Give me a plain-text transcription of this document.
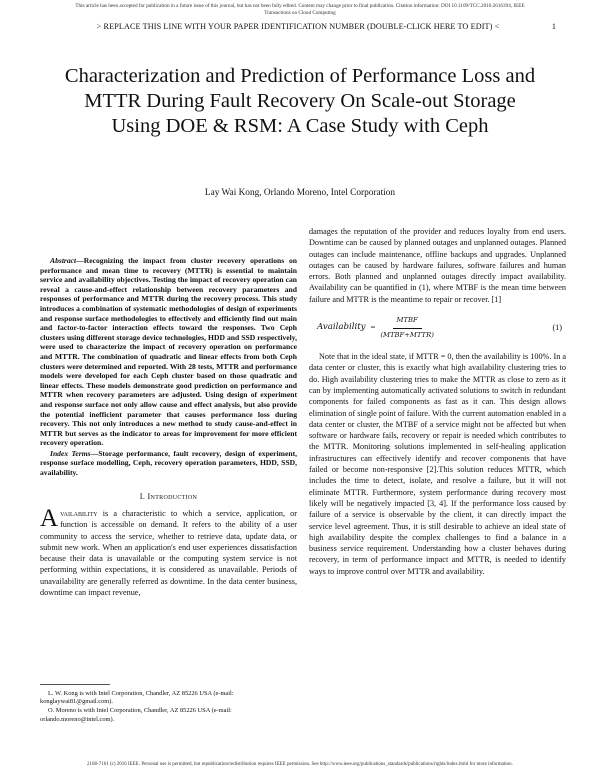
This article has been accepted for publication in a future issue of this journal, but has not been fully edited. Content may change prior to final publication. Citation information: DOI 10.1109/TCC.2016.2616394, IEEE
Transactions on Cloud Computing
> REPLACE THIS LINE WITH YOUR PAPER IDENTIFICATION NUMBER (DOUBLE-CLICK HERE TO EDIT) <	1
Characterization and Prediction of Performance Loss and MTTR During Fault Recovery On Scale-out Storage Using DOE & RSM: A Case Study with Ceph
Lay Wai Kong, Orlando Moreno, Intel Corporation

Abstract—Recognizing the impact from cluster recovery operations on performance and mean time to recovery (MTTR) is essential to maintain service and availability objectives. Testing the impact of recovery operation can reveal a cause-and-effect relationship between recovery parameters and responses of performance and MTTR during the recovery process. This study introduces a combination of systematic methodologies of design of experiments and response surface methodologies to effectively and efficiently find out main and factor-to-factor interaction effects toward the responses. Two Ceph clusters using different storage device technologies, HDD and SSD respectively, were used to characterize the impact of recovery operation on performance and MTTR. The combination of quadratic and linear effects from both Ceph clusters were determined and reported. With 28 tests, MTTR and performance models were developed for each Ceph cluster based on those quadratic and linear effects. These models demonstrate good prediction on performance and MTTR when recovery parameters are adjusted. Using design of experiment and response surface not only allow cause and effect analysis, but also provide the potential inefficient parameter that causes performance loss during recovery. This not only introduces a new method to study cause-and-effect in MTTR but serves as the indicator to areas for improvement for more efficient recovery operation.

Index Terms—Storage performance, fault recovery, design of experiment, response surface modelling, Ceph, recovery operation parameters, HDD, SSD, availability.

I. Introduction

Availability is a characteristic to which a service, application, or function is accessible on demand. It refers to the ability of a user community to access the service, whether to retrieve data, update data, or submit new work. When an application's end user experiences dissatisfaction because their data is unavailable or the computing system service is not performing within expectations, it is considered as unavailable. Periods of unavailability are generally referred as downtime. In the data center business, downtime can impact revenue,

damages the reputation of the provider and reduces loyalty from end users. Downtime can be caused by planned outages and unplanned outages. Planned outages can include maintenance, offline backups and upgrades. Unplanned outages can be caused by hardware failures, software failures and human errors. Both planned and unplanned outages directly impact availability. Availability can be quantified in (1), where MTBF is the mean time between failure and MTTR is the meantime to repair or recover. [1]

Availability = $\frac{\text{MTBF}}{\text{(MTBF+MTTR)}}$	(1)

Note that in the ideal state, if MTTR = 0, then the availability is 100%. In a data center or cluster, this is exactly what high availability clustering tries to do. High availability clustering tries to make the MTTR as close to zero as it can by implementing automatically activated solutions to switch in redundant components for failed components as fast as it can. This design allows elimination of single point of failure. With the current automation enabled in a data center or cluster, the MTBF of a service might not be affected but when software or hardware fails, recovery or repair is needed which contributes to the MTTR. Monitoring solutions implemented in self-healing application infrastructures can effectively identify and recover components that have failed or become non-responsive [2].This solution reduces MTTR, which includes the time to detect, isolate, and resolve a failure, but it will not eliminate MTTR. Furthermore, system performance during recovery most likely will be negatively impacted [3, 4]. If the performance loss caused by failure of a service is observable by the client, it can directly impact the service level agreement. Thus, it is still desirable to achieve an ideal state of high availability despite the complex challenges to find a balance in a business service requirement. Understanding how a cluster behaves during recovery, in term of performance impact and MTTR, is needed to identify ways to improve control over MTTR and availability.

L. W. Kong is with Intel Corporation, Chandler, AZ 85226 USA (e-mail: konglaywai81@gmail.com).

O. Moreno is with Intel Corporation, Chandler, AZ 85226 USA (e-mail: orlando.moreno@intel.com).

2168-7161 (c) 2016 IEEE. Personal use is permitted, but republication/redistribution requires IEEE permission. See http://www.ieee.org/publications_standards/publications/rights/index.html for more information.
